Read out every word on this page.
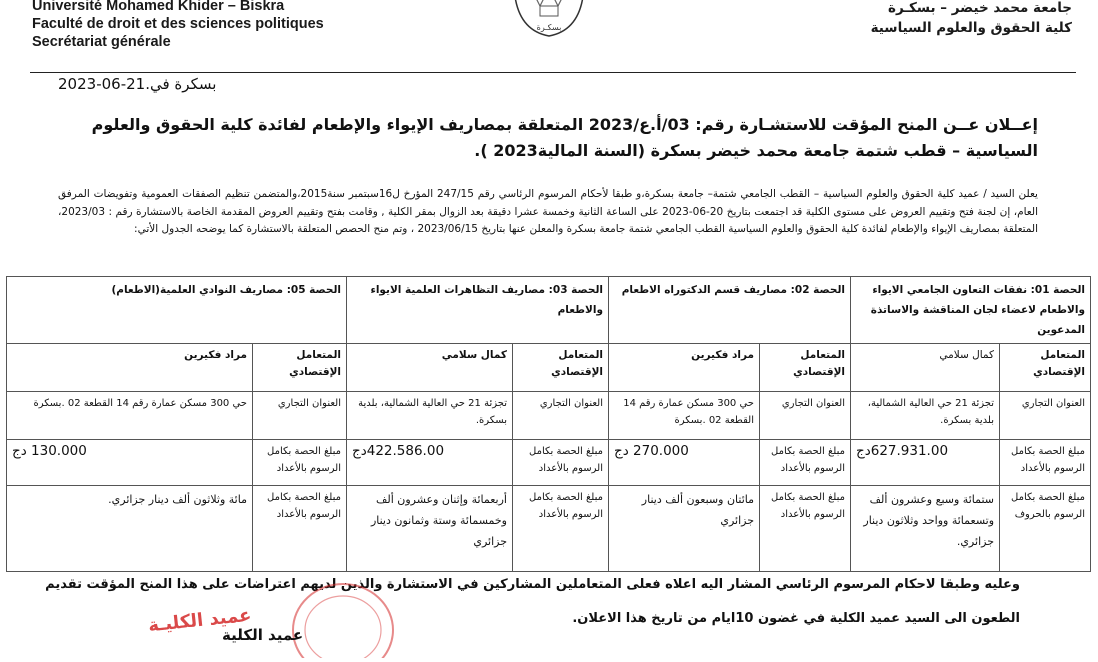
Université Mohamed Khider – Biskra
Faculté de droit et des sciences politiques
Secrétariat générale
بسكـرة
جامعة محمد خيضر – بسكـرة
كلية الحقوق والعلوم السياسية
بسكرة في.21-06-2023
إعــلان عــن المنح المؤقت للاستشـارة رقم: 03/أ.ع/2023 المتعلقة بمصاريف الإيواء والإطعام لفائدة كلية الحقوق والعلوم السياسية – قطب شتمة جامعة محمد خيضر بسكرة (السنة المالية2023 ).
يعلن السيد / عميد كلية الحقوق والعلوم السياسية – القطب الجامعي شتمة– جامعة بسكرة،و طبقا لأحكام المرسوم الرئاسي رقم 247/15 المؤرخ ل16سبتمبر سنة2015،والمتضمن تنظيم الصفقات العمومية وتفويضات المرفق العام، إن لجنة فتح وتقييم العروض على مستوى الكلية قد اجتمعت بتاريخ 20-06-2023 على الساعة الثانية وخمسة عشرا دقيقة بعد الزوال بمقر الكلية , وقامت بفتح وتقييم العروض المقدمة الخاصة بالاستشارة رقم : 2023/03، المتعلقة بمصاريف الإيواء والإطعام لفائدة كلية الحقوق والعلوم السياسية القطب الجامعي شتمة جامعة بسكرة والمعلن عنها بتاريخ 2023/06/15 ، وتم منح الحصص المتعلقة بالاستشارة كما يوضحه الجدول الأتي:
الحصة 01: نفقات التعاون الجامعي الايواء والاطعام لاعضاء لجان المناقشة والاساتذة المدعوين		الحصة 02: مصاريف قسم الدكتوراه الاطعام		الحصة 03: مصاريف التظاهرات العلمية الايواء والاطعام		الحصة 05: مصاريف النوادي العلمية(الاطعام)	
المتعامل الإقتصادي	كمال سلامي	المتعامل الإقتصادي	مراد فكيرين	المتعامل الإقتصادي	كمال سلامي	المتعامل الإقتصادي	مراد فكيرين
العنوان التجاري	تجزئة 21 حي العالية الشمالية، بلدية بسكرة.	العنوان التجاري	حي 300 مسكن عمارة رقم 14 القطعة 02 .بسكرة	العنوان التجاري	تجزئة 21 حي العالية الشمالية، بلدية بسكرة.	العنوان التجاري	حي 300 مسكن عمارة رقم 14 القطعة 02 .بسكرة
مبلغ الحصة بكامل الرسوم بالأعداد	627.931.00دج	مبلغ الحصة بكامل الرسوم بالأعداد	270.000 دج	مبلغ الحصة بكامل الرسوم بالأعداد	422.586.00دج	مبلغ الحصة بكامل الرسوم بالأعداد	130.000 دج
مبلغ الحصة بكامل الرسوم بالحروف	ستمائة وسبع وعشرون ألف وتسعمائة وواحد وثلاثون دينار جزائري.	مبلغ الحصة بكامل الرسوم بالأعداد	مائتان وسبعون ألف دينار جزائري	مبلغ الحصة بكامل الرسوم بالأعداد	أربعمائة وإثنان وعشرون ألف وخمسمائة وستة وثمانون دينار جزائري	مبلغ الحصة بكامل الرسوم بالأعداد	مائة وثلاثون ألف دينار جزائري.
وعليه وطبقا لاحكام المرسوم الرئاسي المشار اليه اعلاه فعلى المتعاملين المشاركين في الاستشارة والذين لديهم اعتراضات على هذا المنح المؤقت تقديم الطعون الى السيد عميد الكلية في غضون 10ايام من تاريخ هذا الاعلان.
عميد الكليـة
عميد الكلية
